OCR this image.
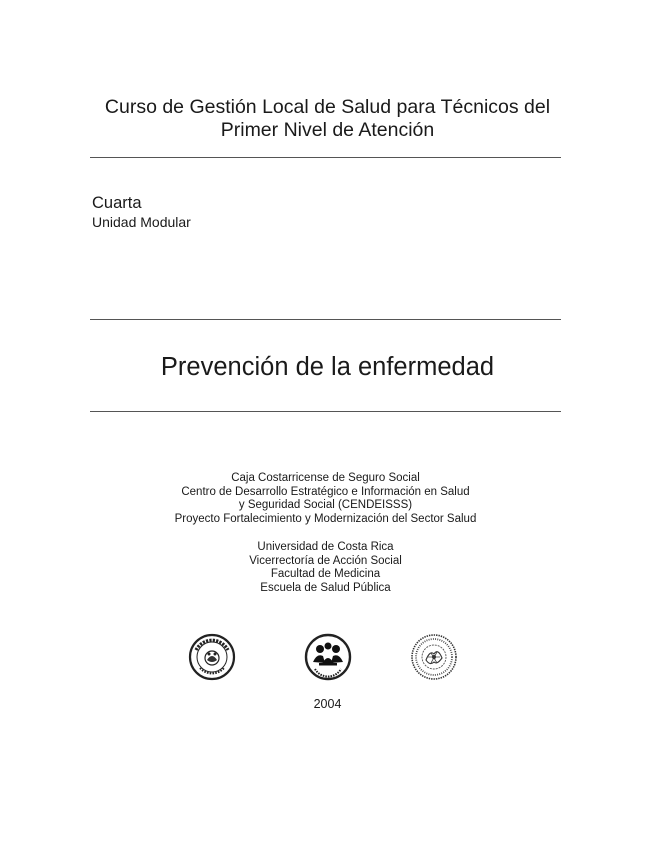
Curso de Gestión Local de Salud para Técnicos del
Primer Nivel de Atención
Cuarta
Unidad Modular
Prevención de la enfermedad
Caja Costarricense de Seguro Social
Centro de Desarrollo Estratégico e Información en Salud
y Seguridad Social (CENDEISSS)
Proyecto Fortalecimiento y Modernización del Sector Salud
Universidad de Costa Rica
Vicerrectoría de Acción Social
Facultad de Medicina
Escuela de Salud Pública
2004
